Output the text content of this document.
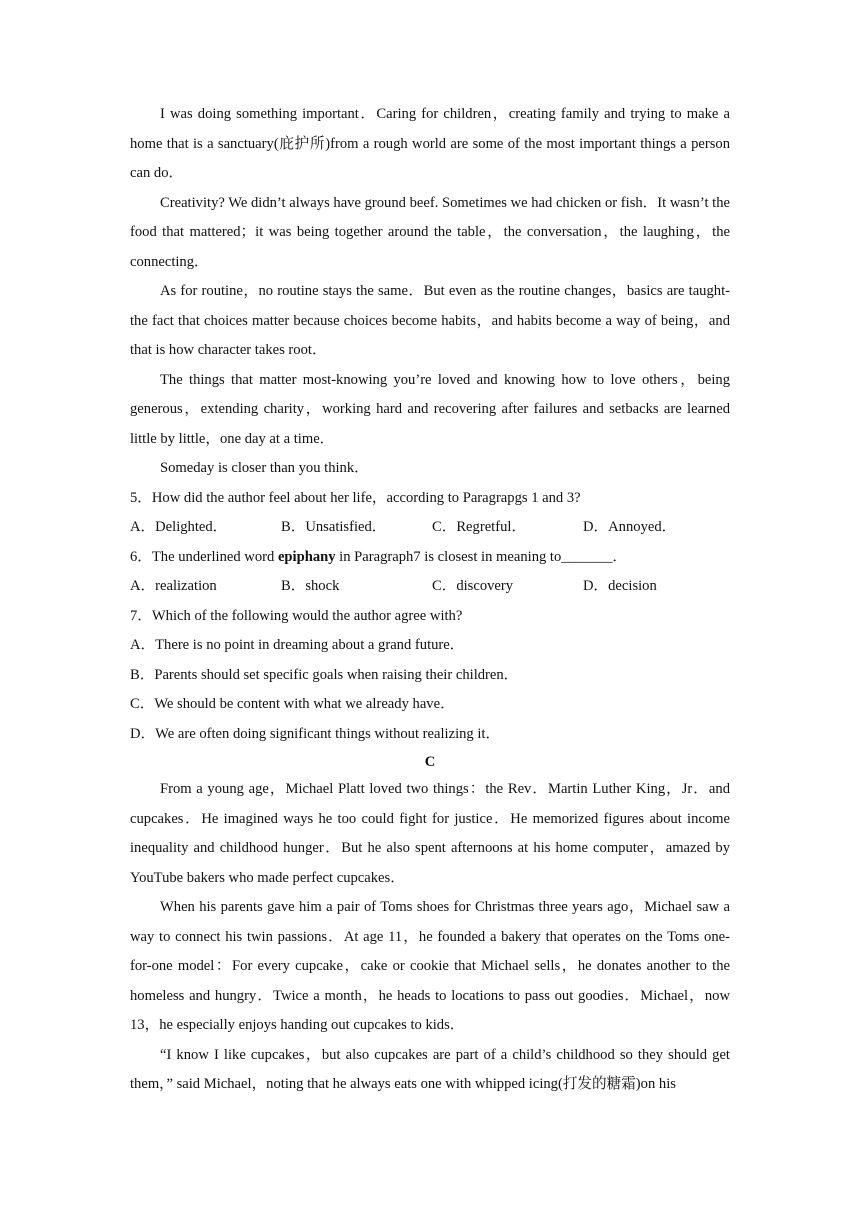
I was doing something important．Caring for children，creating family and trying to make a home that is a sanctuary(庇护所)from a rough world are some of the most important things a person can do．

Creativity? We didn’t always have ground beef. Sometimes we had chicken or fish．It wasn’t the food that mattered；it was being together around the table，the conversation，the laughing，the connecting．

As for routine，no routine stays the same．But even as the routine changes，basics are taught-the fact that choices matter because choices become habits，and habits become a way of being，and that is how character takes root．

The things that matter most-knowing you’re loved and knowing how to love others，being generous，extending charity，working hard and recovering after failures and setbacks are learned little by little，one day at a time．

Someday is closer than you think．

5．How did the author feel about her life，according to Paragrapgs 1 and 3?

A．Delighted．	B．Unsatisfied．	C．Regretful．	D．Annoyed．

6．The underlined word epiphany in Paragraph7 is closest in meaning to_______．

A．realization	B．shock	C．discovery	D．decision

7．Which of the following would the author agree with?

A．There is no point in dreaming about a grand future．

B．Parents should set specific goals when raising their children．

C．We should be content with what we already have．

D．We are often doing significant things without realizing it．

C

From a young age，Michael Platt loved two things：the Rev．Martin Luther King，Jr．and cupcakes．He imagined ways he too could fight for justice．He memorized figures about income inequality and childhood hunger．But he also spent afternoons at his home computer，amazed by YouTube bakers who made perfect cupcakes．

When his parents gave him a pair of Toms shoes for Christmas three years ago，Michael saw a way to connect his twin passions．At age 11，he founded a bakery that operates on the Toms one-for-one model：For every cupcake，cake or cookie that Michael sells，he donates another to the homeless and hungry．Twice a month，he heads to locations to pass out goodies．Michael，now 13，he especially enjoys handing out cupcakes to kids．

“I know I like cupcakes，but also cupcakes are part of a child’s childhood so they should get them，” said Michael，noting that he always eats one with whipped icing(打发的糖霜)on his
